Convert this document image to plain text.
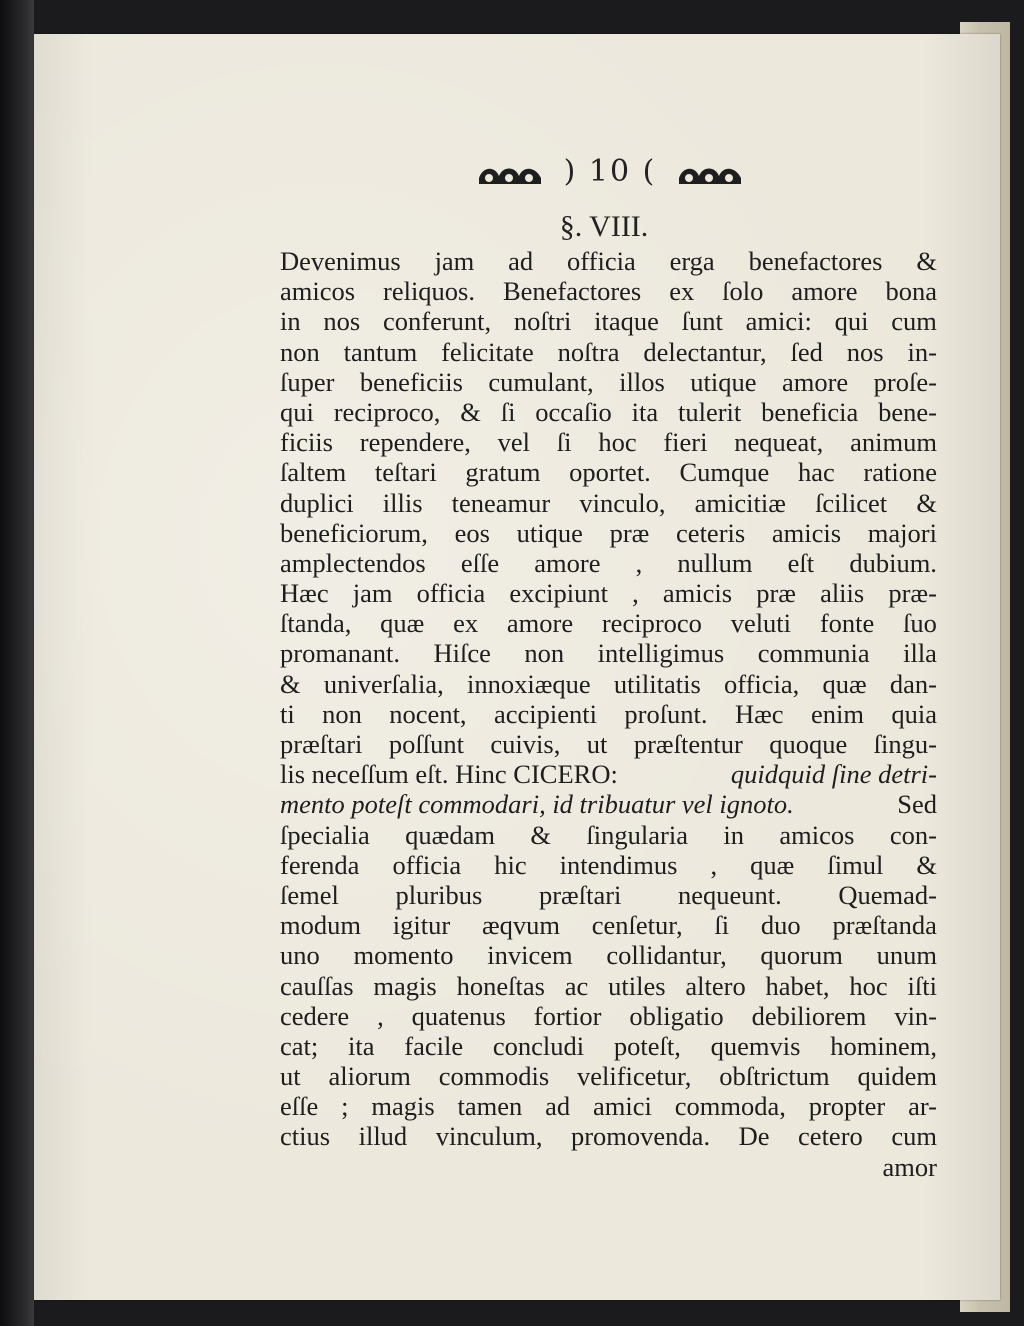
) 10 (
§. VIII.
Devenimus jam ad officia erga benefactores &
amicos reliquos. Benefactores ex ſolo amore bona
in nos conferunt, noſtri itaque ſunt amici: qui cum
non tantum felicitate noſtra delectantur, ſed nos in-
ſuper beneficiis cumulant, illos utique amore proſe-
qui reciproco, & ſi occaſio ita tulerit beneficia bene-
ficiis rependere, vel ſi hoc fieri nequeat, animum
ſaltem teſtari gratum oportet. Cumque hac ratione
duplici illis teneamur vinculo, amicitiæ ſcilicet &
beneficiorum, eos utique præ ceteris amicis majori
amplectendos eſſe amore , nullum eſt dubium.
Hæc jam officia excipiunt , amicis præ aliis præ-
ſtanda, quæ ex amore reciproco veluti fonte ſuo
promanant. Hiſce non intelligimus communia illa
& univerſalia, innoxiæque utilitatis officia, quæ dan-
ti non nocent, accipienti proſunt. Hæc enim quia
præſtari poſſunt cuivis, ut præſtentur quoque ſingu-
lis neceſſum eſt. Hinc CICERO:	quidquid ſine detri-
mento poteſt commodari, id tribuatur vel ignoto.	Sed
ſpecialia quædam & ſingularia in amicos con-
ferenda officia hic intendimus , quæ ſimul &
ſemel pluribus præſtari nequeunt. Quemad-
modum igitur æqvum cenſetur, ſi duo præſtanda
uno momento invicem collidantur, quorum unum
cauſſas magis honeſtas ac utiles altero habet, hoc iſti
cedere , quatenus fortior obligatio debiliorem vin-
cat; ita facile concludi poteſt, quemvis hominem,
ut aliorum commodis velificetur, obſtrictum quidem
eſſe ; magis tamen ad amici commoda, propter ar-
ctius illud vinculum, promovenda. De cetero cum
amor
